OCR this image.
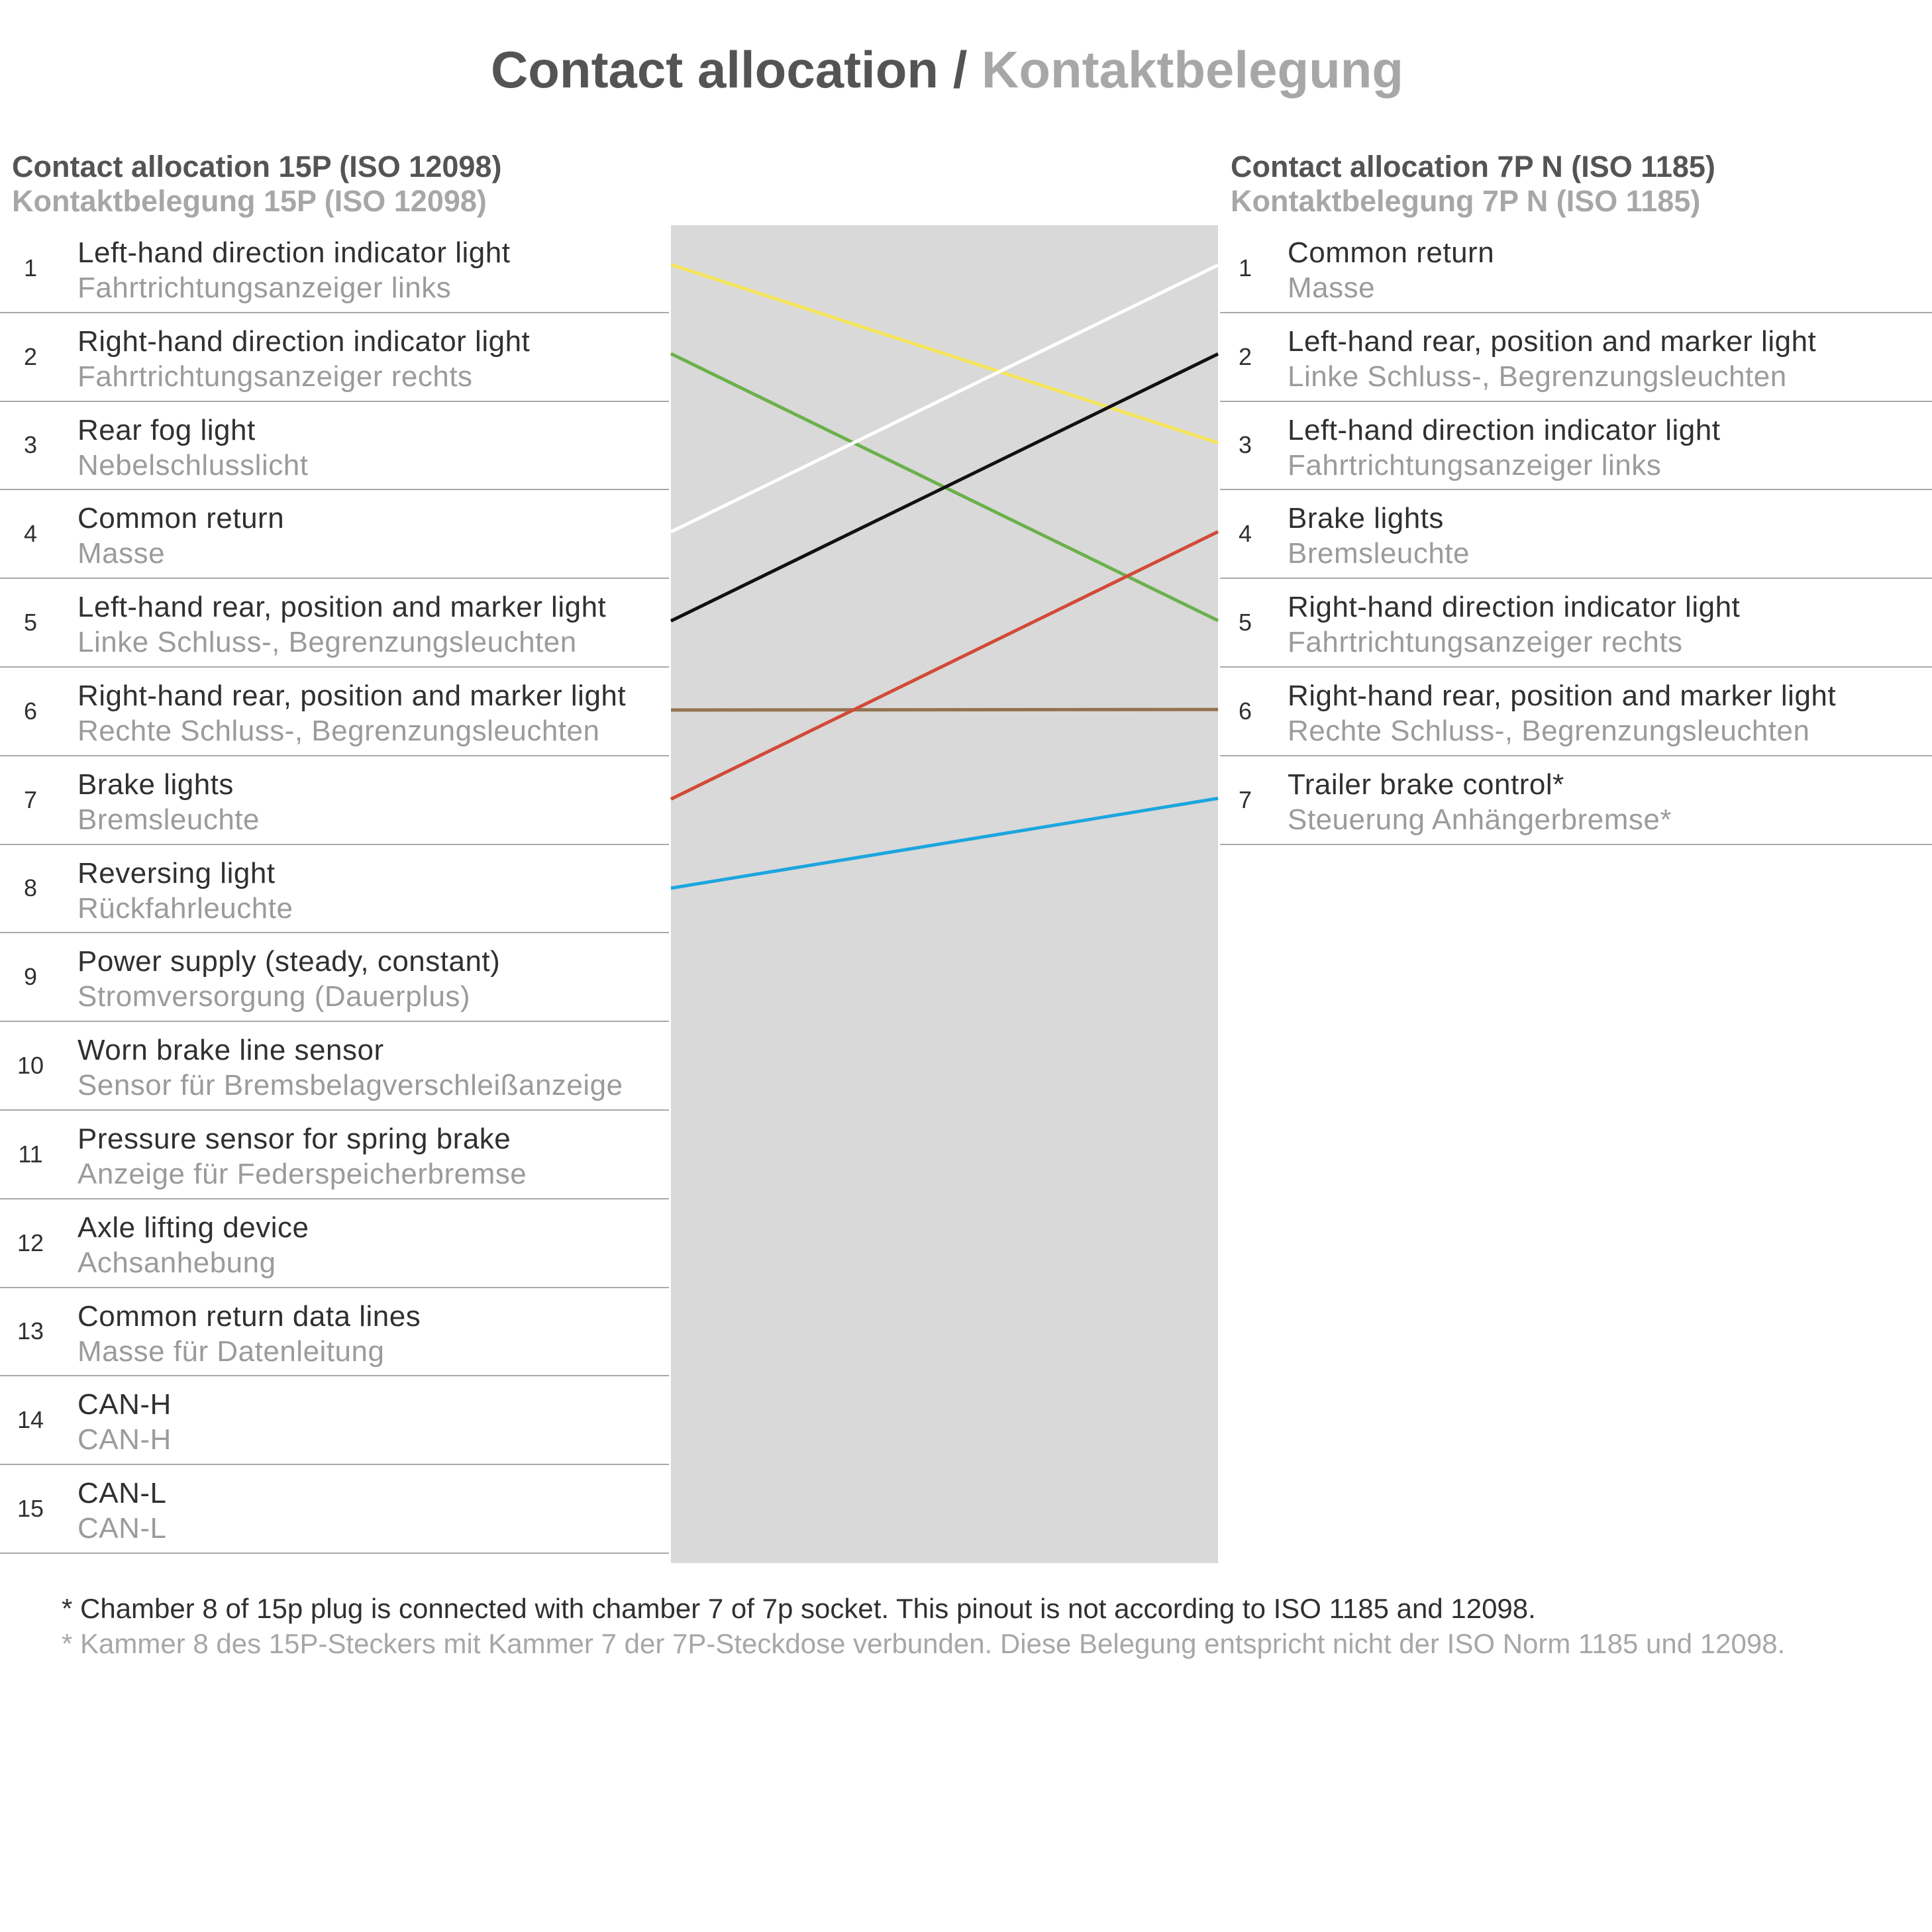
Contact allocation / Kontaktbelegung
Contact allocation 15P (ISO 12098)
Kontaktbelegung 15P (ISO 12098)
Contact allocation 7P N (ISO 1185)
Kontaktbelegung 7P N (ISO 1185)
1	Left-hand direction indicator light
Fahrtrichtungsanzeiger links
2	Right-hand direction indicator light
Fahrtrichtungsanzeiger rechts
3	Rear fog light
Nebelschlusslicht
4	Common return
Masse
5	Left-hand rear, position and marker light
Linke Schluss-, Begrenzungsleuchten
6	Right-hand rear, position and marker light
Rechte Schluss-, Begrenzungsleuchten
7	Brake lights
Bremsleuchte
8	Reversing light
Rückfahrleuchte
9	Power supply (steady, constant)
Stromversorgung (Dauerplus)
10	Worn brake line sensor
Sensor für Bremsbelagverschleißanzeige
11	Pressure sensor for spring brake
Anzeige für Federspeicherbremse
12	Axle lifting device
Achsanhebung
13	Common return data lines
Masse für Datenleitung
14	CAN-H
CAN-H
15	CAN-L
CAN-L
1	Common return
Masse
2	Left-hand rear, position and marker light
Linke Schluss-, Begrenzungsleuchten
3	Left-hand direction indicator light
Fahrtrichtungsanzeiger links
4	Brake lights
Bremsleuchte
5	Right-hand direction indicator light
Fahrtrichtungsanzeiger rechts
6	Right-hand rear, position and marker light
Rechte Schluss-, Begrenzungsleuchten
7	Trailer brake control*
Steuerung Anhängerbremse*
* Chamber 8 of 15p plug is connected with chamber 7 of 7p socket. This pinout is not according to ISO 1185 and 12098.
* Kammer 8 des 15P-Steckers mit Kammer 7 der 7P-Steckdose verbunden. Diese Belegung entspricht nicht der ISO Norm 1185 und 12098.
